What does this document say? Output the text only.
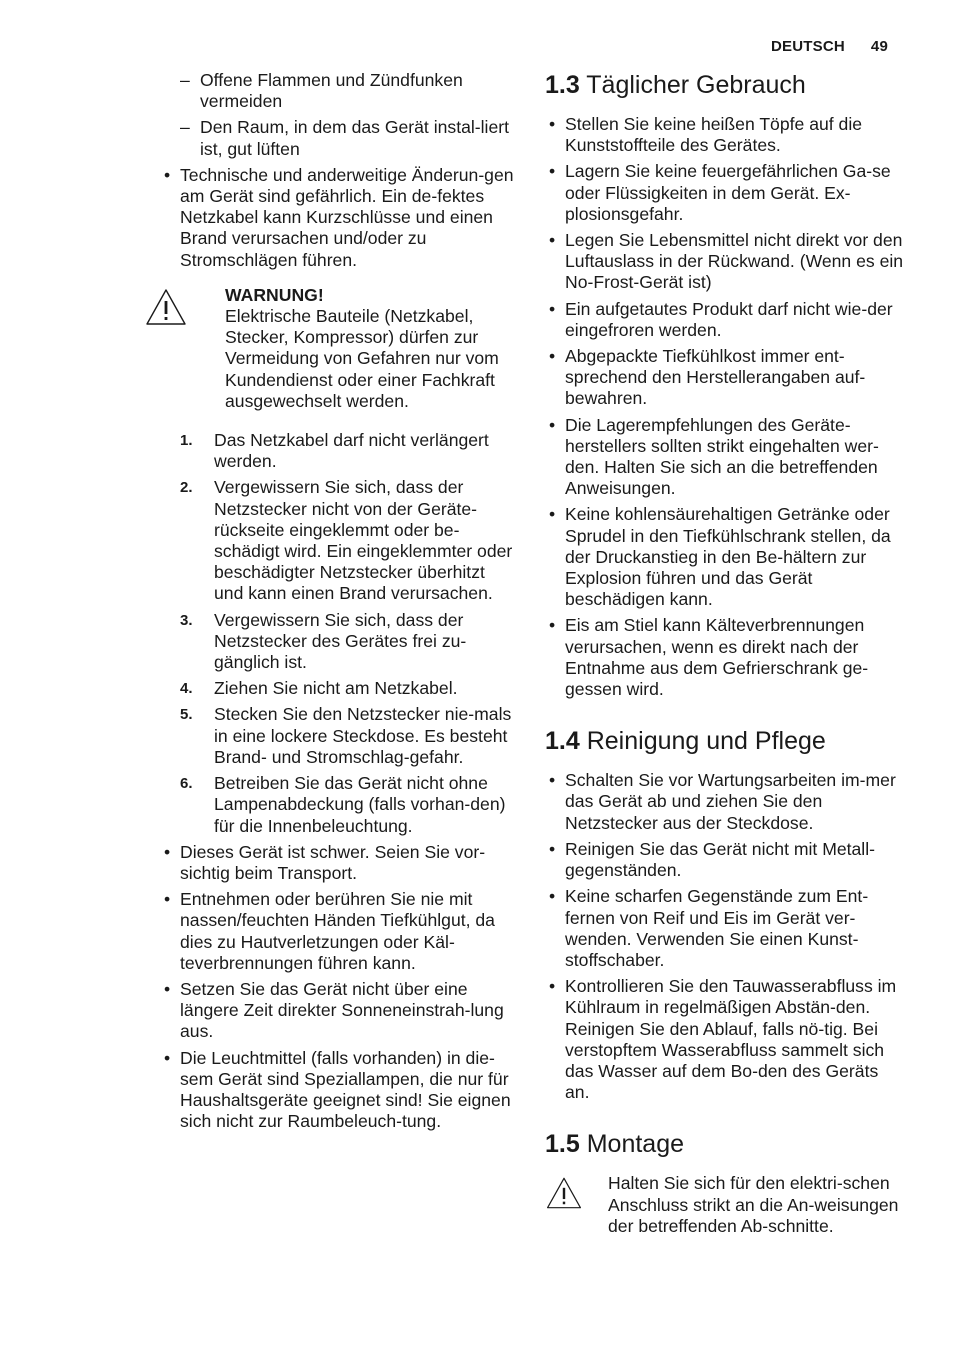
DEUTSCH 49
– Offene Flammen und Zündfunken vermeiden
– Den Raum, in dem das Gerät instal-liert ist, gut lüften
• Technische und anderweitige Änderun-gen am Gerät sind gefährlich. Ein de-fektes Netzkabel kann Kurzschlüsse und einen Brand verursachen und/oder zu Stromschlägen führen.
WARNUNG!
Elektrische Bauteile (Netzkabel, Stecker, Kompressor) dürfen zur Vermeidung von Gefahren nur vom Kundendienst oder einer Fachkraft ausgewechselt werden.
1. Das Netzkabel darf nicht verlängert werden.
2. Vergewissern Sie sich, dass der Netzstecker nicht von der Geräte-rückseite eingeklemmt oder be-schädigt wird. Ein eingeklemmter oder beschädigter Netzstecker überhitzt und kann einen Brand verursachen.
3. Vergewissern Sie sich, dass der Netzstecker des Gerätes frei zu-gänglich ist.
4. Ziehen Sie nicht am Netzkabel.
5. Stecken Sie den Netzstecker nie-mals in eine lockere Steckdose. Es besteht Brand- und Stromschlag-gefahr.
6. Betreiben Sie das Gerät nicht ohne Lampenabdeckung (falls vorhan-den) für die Innenbeleuchtung.
• Dieses Gerät ist schwer. Seien Sie vor-sichtig beim Transport.
• Entnehmen oder berühren Sie nie mit nassen/feuchten Händen Tiefkühlgut, da dies zu Hautverletzungen oder Käl-teverbrennungen führen kann.
• Setzen Sie das Gerät nicht über eine längere Zeit direkter Sonneneinstrah-lung aus.
• Die Leuchtmittel (falls vorhanden) in die-sem Gerät sind Speziallampen, die nur für Haushaltsgeräte geeignet sind! Sie eignen sich nicht zur Raumbeleuch-tung.
1.3 Täglicher Gebrauch
• Stellen Sie keine heißen Töpfe auf die Kunststoffteile des Gerätes.
• Lagern Sie keine feuergefährlichen Ga-se oder Flüssigkeiten in dem Gerät. Ex-plosionsgefahr.
• Legen Sie Lebensmittel nicht direkt vor den Luftauslass in der Rückwand. (Wenn es ein No-Frost-Gerät ist)
• Ein aufgetautes Produkt darf nicht wie-der eingefroren werden.
• Abgepackte Tiefkühlkost immer ent-sprechend den Herstellerangaben auf-bewahren.
• Die Lagerempfehlungen des Geräte-herstellers sollten strikt eingehalten wer-den. Halten Sie sich an die betreffenden Anweisungen.
• Keine kohlensäurehaltigen Getränke oder Sprudel in den Tiefkühlschrank stellen, da der Druckanstieg in den Be-hältern zur Explosion führen und das Gerät beschädigen kann.
• Eis am Stiel kann Kälteverbrennungen verursachen, wenn es direkt nach der Entnahme aus dem Gefrierschrank ge-gessen wird.
1.4 Reinigung und Pflege
• Schalten Sie vor Wartungsarbeiten im-mer das Gerät ab und ziehen Sie den Netzstecker aus der Steckdose.
• Reinigen Sie das Gerät nicht mit Metall-gegenständen.
• Keine scharfen Gegenstände zum Ent-fernen von Reif und Eis im Gerät ver-wenden. Verwenden Sie einen Kunst-stoffschaber.
• Kontrollieren Sie den Tauwasserabfluss im Kühlraum in regelmäßigen Abstän-den. Reinigen Sie den Ablauf, falls nö-tig. Bei verstopftem Wasserabfluss sammelt sich das Wasser auf dem Bo-den des Geräts an.
1.5 Montage
Halten Sie sich für den elektri-schen Anschluss strikt an die An-weisungen der betreffenden Ab-schnitte.
